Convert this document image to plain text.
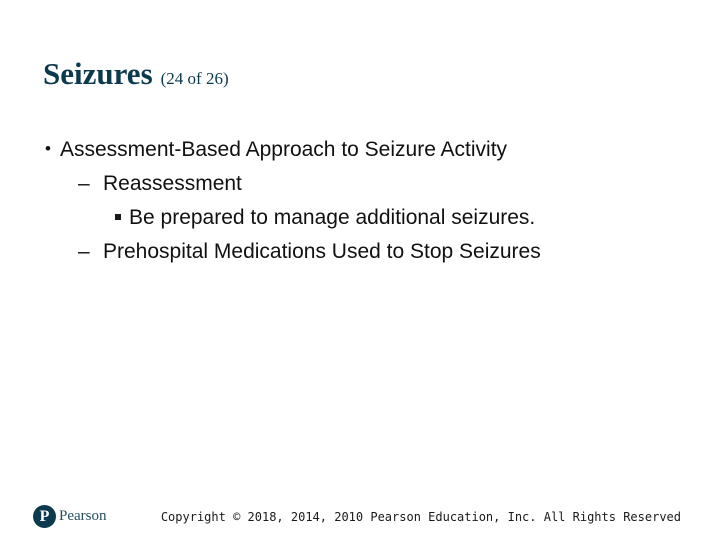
Seizures (24 of 26)
• Assessment-Based Approach to Seizure Activity
– Reassessment
Be prepared to manage additional seizures.
– Prehospital Medications Used to Stop Seizures
P Pearson	Copyright © 2018, 2014, 2010 Pearson Education, Inc. All Rights Reserved
